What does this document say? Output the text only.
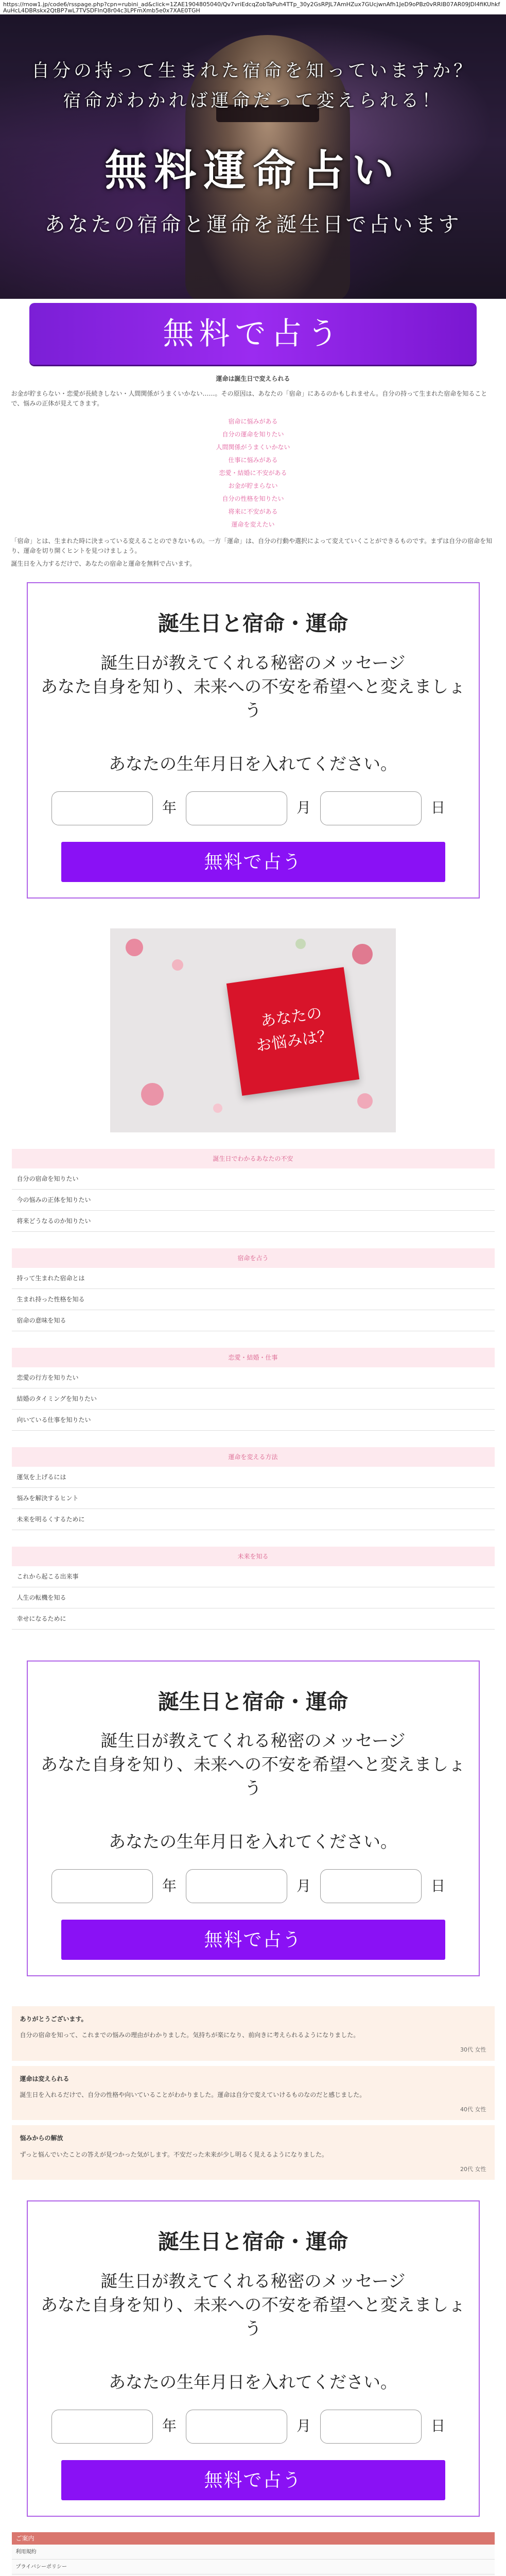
https://rnow1.jp/code6/rsspage.php?cpn=rubini_ad&click=1ZAE1904805040/Qv7vriEdcqZobTaPuh4TTp_30y2GsRPJL7AmHZux7GUcjwnAfh1JeD9oPBz0vRRIB07AR09JDl4fiKUhkfAuHcL4DBRskx2QtBP7wL7TVSDFInQ8r04c3LPFmXmb5e0x7XAE0TGH
自分の持って生まれた宿命を知っていますか？
宿命がわかれば運命だって変えられる！
無料運命占い
あなたの宿命と運命を誕生日で占います
無料で占う
運命は誕生日で変えられる

お金が貯まらない・恋愛が長続きしない・人間関係がうまくいかない……。その原因は、あなたの「宿命」にあるのかもしれません。自分の持って生まれた宿命を知ることで、悩みの正体が見えてきます。

宿命に悩みがある
自分の運命を知りたい
人間関係がうまくいかない
仕事に悩みがある
恋愛・結婚に不安がある
お金が貯まらない
自分の性格を知りたい
将来に不安がある
運命を変えたい

「宿命」とは、生まれた時に決まっている変えることのできないもの。一方「運命」は、自分の行動や選択によって変えていくことができるものです。まずは自分の宿命を知り、運命を切り開くヒントを見つけましょう。

誕生日を入力するだけで、あなたの宿命と運命を無料で占います。

誕生日と宿命・運命
誕生日が教えてくれる秘密のメッセージ
あなた自身を知り、未来への不安を希望へと変えましょう
あなたの生年月日を入れてください。
年	月	日
無料で占う
あなたの
お悩みは？
誕生日でわかるあなたの不安
自分の宿命を知りたい
今の悩みの正体を知りたい
将来どうなるのか知りたい
宿命を占う
持って生まれた宿命とは
生まれ持った性格を知る
宿命の意味を知る
恋愛・結婚・仕事
恋愛の行方を知りたい
結婚のタイミングを知りたい
向いている仕事を知りたい
運命を変える方法
運気を上げるには
悩みを解決するヒント
未来を明るくするために
未来を知る
これから起こる出来事
人生の転機を知る
幸せになるために
誕生日と宿命・運命
誕生日が教えてくれる秘密のメッセージ
あなた自身を知り、未来への不安を希望へと変えましょう
あなたの生年月日を入れてください。
年	月	日
無料で占う
ありがとうございます。
自分の宿命を知って、これまでの悩みの理由がわかりました。気持ちが楽になり、前向きに考えられるようになりました。
30代 女性
運命は変えられる
誕生日を入れるだけで、自分の性格や向いていることがわかりました。運命は自分で変えていけるものなのだと感じました。
40代 女性
悩みからの解放
ずっと悩んでいたことの答えが見つかった気がします。不安だった未来が少し明るく見えるようになりました。
20代 女性
誕生日と宿命・運命
誕生日が教えてくれる秘密のメッセージ
あなた自身を知り、未来への不安を希望へと変えましょう
あなたの生年月日を入れてください。
年	月	日
無料で占う
ご案内
利用規約
プライバシーポリシー
